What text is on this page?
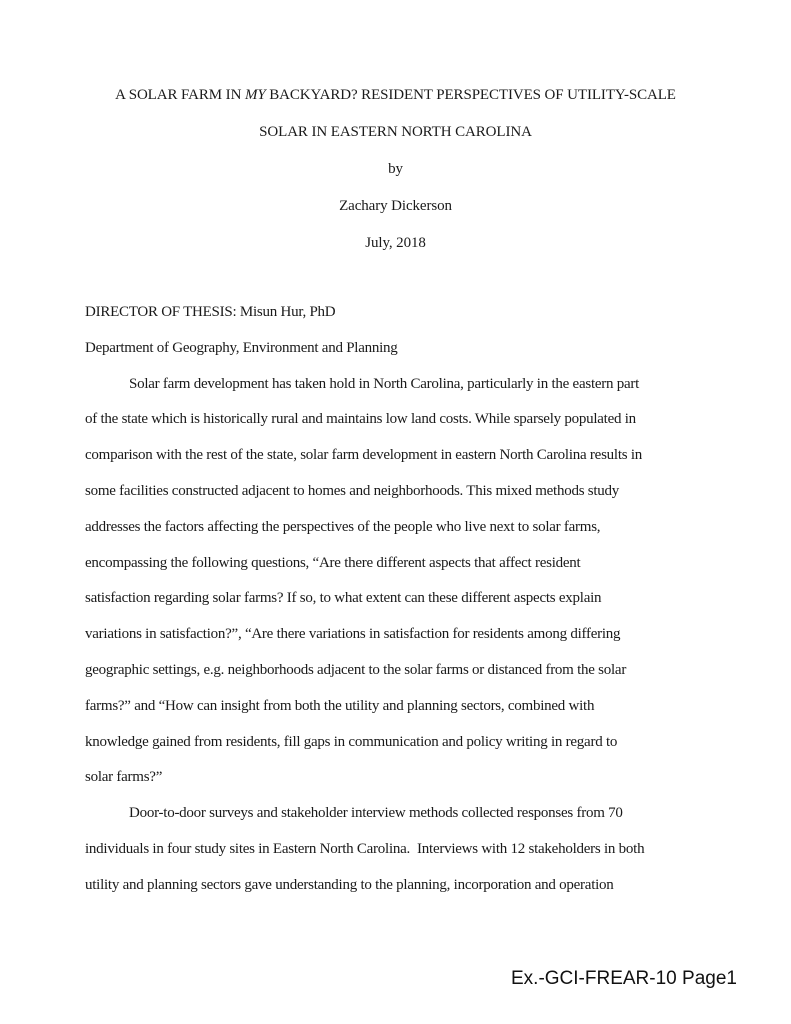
A SOLAR FARM IN MY BACKYARD? RESIDENT PERSPECTIVES OF UTILITY-SCALE
SOLAR IN EASTERN NORTH CAROLINA
by
Zachary Dickerson
July, 2018
DIRECTOR OF THESIS: Misun Hur, PhD
Department of Geography, Environment and Planning
Solar farm development has taken hold in North Carolina, particularly in the eastern part
of the state which is historically rural and maintains low land costs. While sparsely populated in
comparison with the rest of the state, solar farm development in eastern North Carolina results in
some facilities constructed adjacent to homes and neighborhoods. This mixed methods study
addresses the factors affecting the perspectives of the people who live next to solar farms,
encompassing the following questions, “Are there different aspects that affect resident
satisfaction regarding solar farms? If so, to what extent can these different aspects explain
variations in satisfaction?”, “Are there variations in satisfaction for residents among differing
geographic settings, e.g. neighborhoods adjacent to the solar farms or distanced from the solar
farms?” and “How can insight from both the utility and planning sectors, combined with
knowledge gained from residents, fill gaps in communication and policy writing in regard to
solar farms?”
Door-to-door surveys and stakeholder interview methods collected responses from 70
individuals in four study sites in Eastern North Carolina.  Interviews with 12 stakeholders in both
utility and planning sectors gave understanding to the planning, incorporation and operation
Ex.-GCI-FREAR-10 Page1
